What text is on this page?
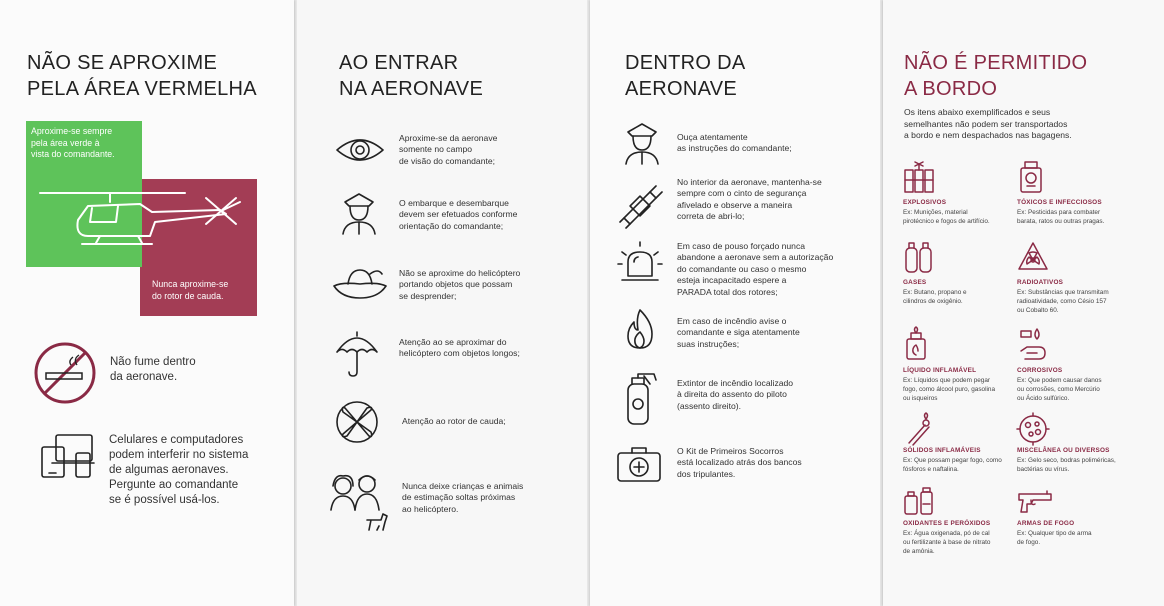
NÃO SE APROXIME
PELA ÁREA VERMELHA
Aproxime-se sempre
pela área verde à
vista do comandante.
Nunca aproxime-se
do rotor de cauda.
Não fume dentro
da aeronave.
Celulares e computadores
podem interferir no sistema
de algumas aeronaves.
Pergunte ao comandante
se é possível usá-los.
AO ENTRAR
NA AERONAVE
Aproxime-se da aeronave
somente no campo
de visão do comandante;
O embarque e desembarque
devem ser efetuados conforme
orientação do comandante;
Não se aproxime do helicóptero
portando objetos que possam
se desprender;
Atenção ao se aproximar do
helicóptero com objetos longos;
Atenção ao rotor de cauda;
Nunca deixe crianças e animais
de estimação soltas próximas
ao helicóptero.
DENTRO DA
AERONAVE
Ouça atentamente
as instruções do comandante;
No interior da aeronave, mantenha-se
sempre com o cinto de segurança
afivelado e observe a maneira
correta de abri-lo;
Em caso de pouso forçado nunca
abandone a aeronave sem a autorização
do comandante ou caso o mesmo
esteja incapacitado espere a
PARADA total dos rotores;
Em caso de incêndio avise o
comandante e siga atentamente
suas instruções;
Extintor de incêndio localizado
à direita do assento do piloto
(assento direito).
O Kit de Primeiros Socorros
está localizado atrás dos bancos
dos tripulantes.
NÃO É PERMITIDO
A BORDO
Os itens abaixo exemplificados e seus
semelhantes não podem ser transportados
a bordo e nem despachados nas bagagens.
EXPLOSIVOS
Ex: Munições, material
pirotécnico e fogos de artifício.
TÓXICOS E INFECCIOSOS
Ex: Pesticidas para combater
barata, ratos ou outras pragas.
GASES
Ex: Butano, propano e
cilindros de oxigênio.
RADIOATIVOS
Ex: Substâncias que transmitam
radioatividade, como Césio 157
ou Cobalto 60.
LÍQUIDO INFLAMÁVEL
Ex: Líquidos que podem pegar
fogo, como álcool puro, gasolina
ou isqueiros
CORROSIVOS
Ex: Que podem causar danos
ou corrosões, como Mercúrio
ou Ácido sulfúrico.
SÓLIDOS INFLAMÁVEIS
Ex: Que possam pegar fogo, como
fósforos e naftalina.
MISCELÂNEA OU DIVERSOS
Ex: Gelo seco, bodras poliméricas,
bactérias ou vírus.
OXIDANTES E PERÓXIDOS
Ex: Água oxigenada, pó de cal
ou fertilizante à base de nitrato
de amônia.
ARMAS DE FOGO
Ex: Qualquer tipo de arma
de fogo.
